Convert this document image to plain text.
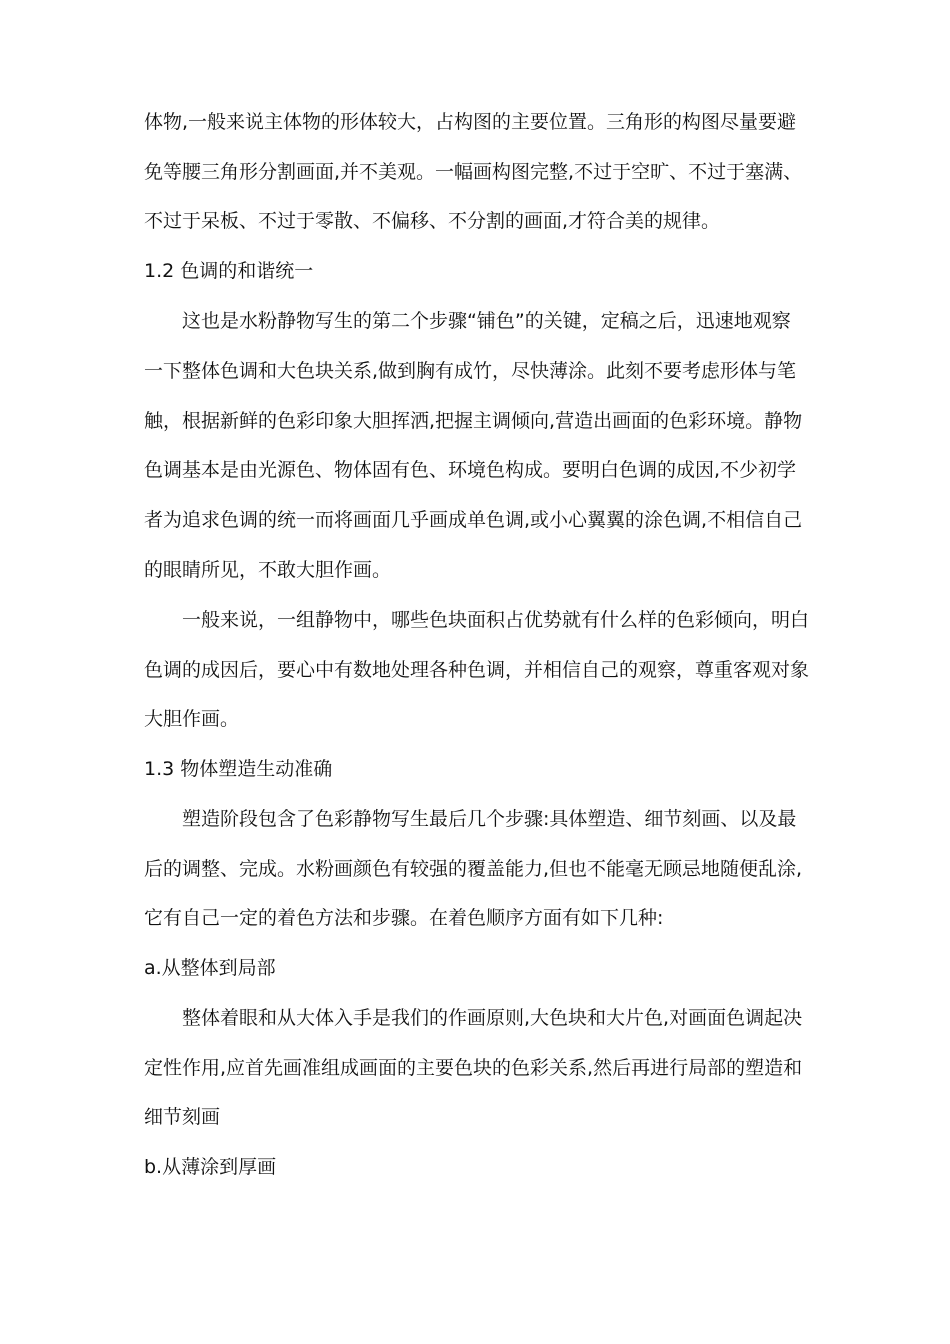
体物,一般来说主体物的形体较大，占构图的主要位置。三角形的构图尽量要避
免等腰三角形分割画面,并不美观。一幅画构图完整,不过于空旷、不过于塞满、
不过于呆板、不过于零散、不偏移、不分割的画面,才符合美的规律。
1.2 色调的和谐统一
这也是水粉静物写生的第二个步骤“铺色”的关键，定稿之后，迅速地观察
一下整体色调和大色块关系,做到胸有成竹，尽快薄涂。此刻不要考虑形体与笔
触，根据新鲜的色彩印象大胆挥洒,把握主调倾向,营造出画面的色彩环境。静物
色调基本是由光源色、物体固有色、环境色构成。要明白色调的成因,不少初学
者为追求色调的统一而将画面几乎画成单色调,或小心翼翼的涂色调,不相信自己
的眼睛所见，不敢大胆作画。
一般来说，一组静物中，哪些色块面积占优势就有什么样的色彩倾向，明白
色调的成因后，要心中有数地处理各种色调，并相信自己的观察，尊重客观对象
大胆作画。
1.3 物体塑造生动准确
塑造阶段包含了色彩静物写生最后几个步骤:具体塑造、细节刻画、以及最
后的调整、完成。水粉画颜色有较强的覆盖能力,但也不能毫无顾忌地随便乱涂,
它有自己一定的着色方法和步骤。在着色顺序方面有如下几种:
a.从整体到局部
整体着眼和从大体入手是我们的作画原则,大色块和大片色,对画面色调起决
定性作用,应首先画准组成画面的主要色块的色彩关系,然后再进行局部的塑造和
细节刻画
b.从薄涂到厚画
